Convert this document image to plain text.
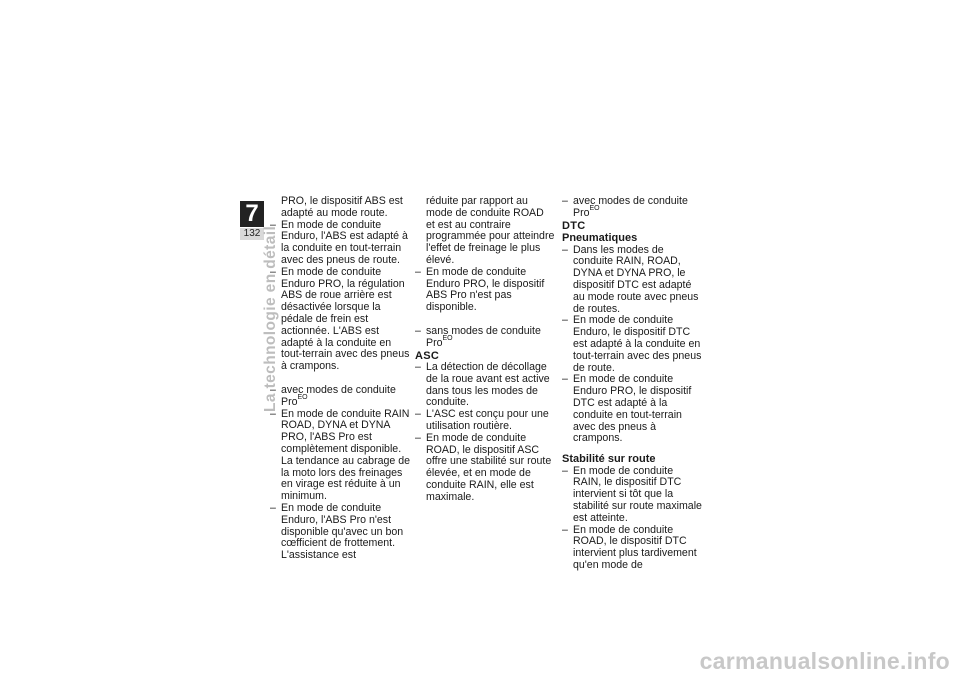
7
132 La technologie en détail

PRO, le dispositif ABS est adapté au mode route.

– En mode de conduite Enduro, l'ABS est adapté à la conduite en tout-terrain avec des pneus de route.

– En mode de conduite Enduro PRO, la régulation ABS de roue arrière est désactivée lorsque la pédale de frein est actionnée. L'ABS est adapté à la conduite en tout-terrain avec des pneus à crampons.

– avec modes de conduite Pro$^{EO}$

– En mode de conduite RAIN ROAD, DYNA et DYNA PRO, l'ABS Pro est complètement disponible. La tendance au cabrage de la moto lors des freinages en virage est réduite à un minimum.

– En mode de conduite Enduro, l'ABS Pro n'est disponible qu'avec un bon cœfficient de frottement. L'assistance est

réduite par rapport au mode de conduite ROAD et est au contraire programmée pour atteindre l'effet de freinage le plus élevé.

– En mode de conduite Enduro PRO, le dispositif ABS Pro n'est pas disponible.

– sans modes de conduite Pro$^{EO}$

ASC

– La détection de décollage de la roue avant est active dans tous les modes de conduite.

– L'ASC est conçu pour une utilisation routière.

– En mode de conduite ROAD, le dispositif ASC offre une stabilité sur route élevée, et en mode de conduite RAIN, elle est maximale.

– avec modes de conduite Pro$^{EO}$

DTC

Pneumatiques

– Dans les modes de conduite RAIN, ROAD, DYNA et DYNA PRO, le dispositif DTC est adapté au mode route avec pneus de routes.

– En mode de conduite Enduro, le dispositif DTC est adapté à la conduite en tout-terrain avec des pneus de route.

– En mode de conduite Enduro PRO, le dispositif DTC est adapté à la conduite en tout-terrain avec des pneus à crampons.

Stabilité sur route

– En mode de conduite RAIN, le dispositif DTC intervient si tôt que la stabilité sur route maximale est atteinte.

– En mode de conduite ROAD, le dispositif DTC intervient plus tardivement qu'en mode de

carmanualsonline.info
